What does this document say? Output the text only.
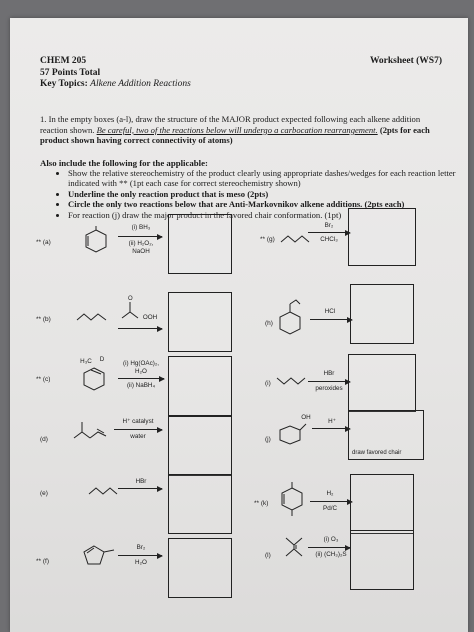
CHEM 205
57 Points Total
Key Topics: Alkene Addition Reactions
Worksheet (WS7)
1. In the empty boxes (a-l), draw the structure of the MAJOR product expected following each alkene addition reaction shown. Be careful, two of the reactions below will undergo a carbocation rearrangement. (2pts for each product shown having correct connectivity of atoms)
Also include the following for the applicable:
• Show the relative stereochemistry of the product clearly using appropriate dashes/wedges for each reaction letter indicated with ** (1pt each case for correct stereochemistry shown)
• Underline the only reaction product that is meso (2pts)
• Circle the only two reactions below that are Anti-Markovnikov alkene additions. (2pts each)
• For reaction (j) draw the major product in the favored chair conformation. (1pt)
** (a)
(i) BH₃
(ii) H₂O₂,
NaOH
** (g)
Br₂
CHCl₃
** (b)
O
OOH
(h)
HCl
** (c)
H₃C	D
(i) Hg(OAc)₂,
H₂O
(ii) NaBH₄	(i)
HBr
peroxides
(d)
H⁺ catalyst
water	(j)
OH
H⁺
draw favored chair
(e)
HBr
** (k)
H₂
Pd/C
** (f)
Br₂
H₂O
(l)
(i) O₃
(ii) (CH₃)₂S
